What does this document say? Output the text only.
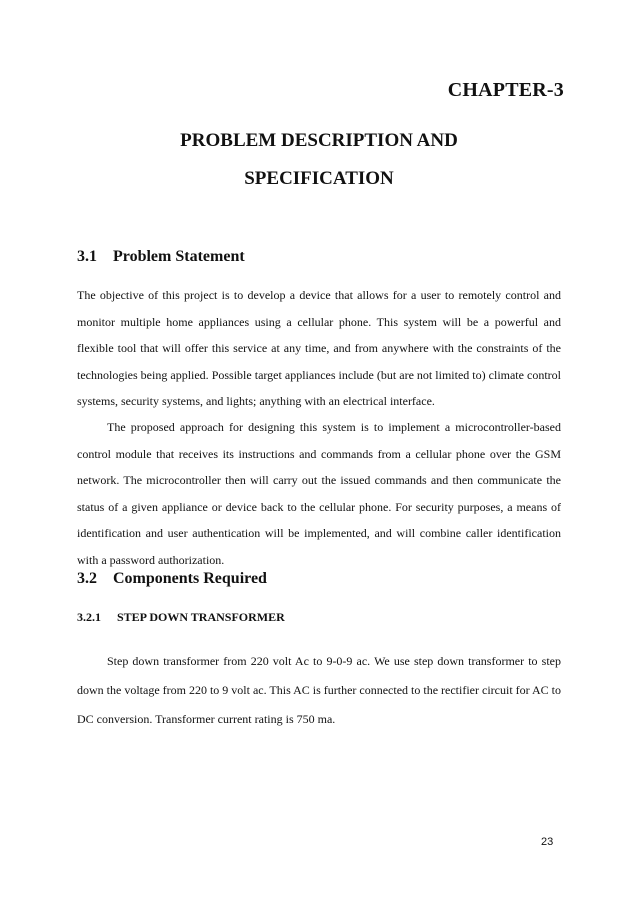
CHAPTER-3
PROBLEM DESCRIPTION AND
SPECIFICATION
3.1 Problem Statement

The objective of this project is to develop a device that allows for a user to remotely control and monitor multiple home appliances using a cellular phone. This system will be a powerful and flexible tool that will offer this service at any time, and from anywhere with the constraints of the technologies being applied. Possible target appliances include (but are not limited to) climate control systems, security systems, and lights; anything with an electrical interface.

The proposed approach for designing this system is to implement a microcontroller-based control module that receives its instructions and commands from a cellular phone over the GSM network. The microcontroller then will carry out the issued commands and then communicate the status of a given appliance or device back to the cellular phone. For security purposes, a means of identification and user authentication will be implemented, and will combine caller identification with a password authorization.

3.2 Components Required
3.2.1 STEP DOWN TRANSFORMER

Step down transformer from 220 volt Ac to 9-0-9 ac. We use step down transformer to step down the voltage from 220 to 9 volt ac. This AC is further connected to the rectifier circuit for AC to DC conversion. Transformer current rating is 750 ma.

23
